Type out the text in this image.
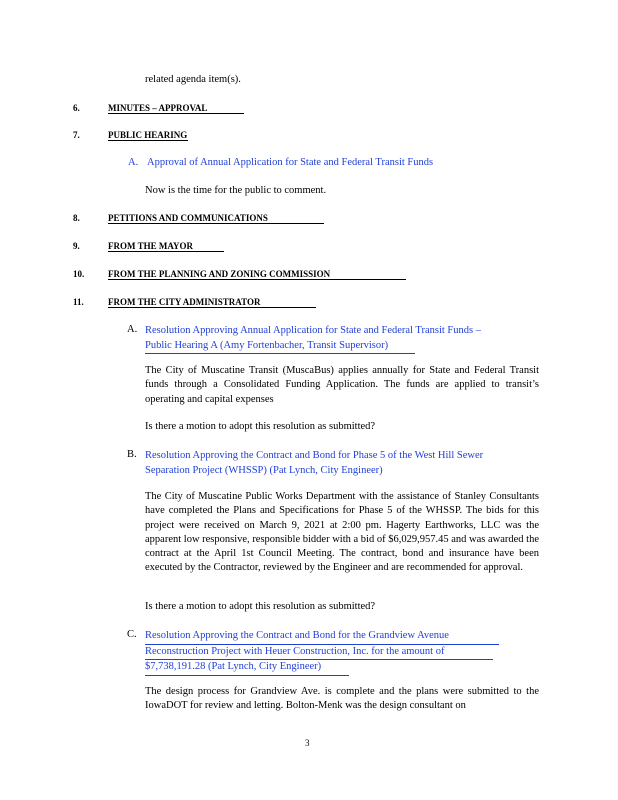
related agenda item(s).
6.	MINUTES – APPROVAL
7.	PUBLIC HEARING
A. Approval of Annual Application for State and Federal Transit Funds
Now is the time for the public to comment.
8.	PETITIONS AND COMMUNICATIONS
9.	FROM THE MAYOR
10.	FROM THE PLANNING AND ZONING COMMISSION
11.	FROM THE CITY ADMINISTRATOR
A. Resolution Approving Annual Application for State and Federal Transit Funds –
Public Hearing A (Amy Fortenbacher, Transit Supervisor)
The City of Muscatine Transit (MuscaBus) applies annually for State and Federal Transit funds through a Consolidated Funding Application. The funds are applied to transit’s operating and capital expenses
Is there a motion to adopt this resolution as submitted?
B. Resolution Approving the Contract and Bond for Phase 5 of the West Hill Sewer
Separation Project (WHSSP) (Pat Lynch, City Engineer)
The City of Muscatine Public Works Department with the assistance of Stanley Consultants have completed the Plans and Specifications for Phase 5 of the WHSSP. The bids for this project were received on March 9, 2021 at 2:00 pm. Hagerty Earthworks, LLC was the apparent low responsive, responsible bidder with a bid of $6,029,957.45 and was awarded the contract at the April 1st Council Meeting. The contract, bond and insurance have been executed by the Contractor, reviewed by the Engineer and are recommended for approval.
Is there a motion to adopt this resolution as submitted?
C. Resolution Approving the Contract and Bond for the Grandview Avenue
Reconstruction Project with Heuer Construction, Inc. for the amount of
$7,738,191.28 (Pat Lynch, City Engineer)
The design process for Grandview Ave. is complete and the plans were submitted to the IowaDOT for review and letting. Bolton-Menk was the design consultant on
3
